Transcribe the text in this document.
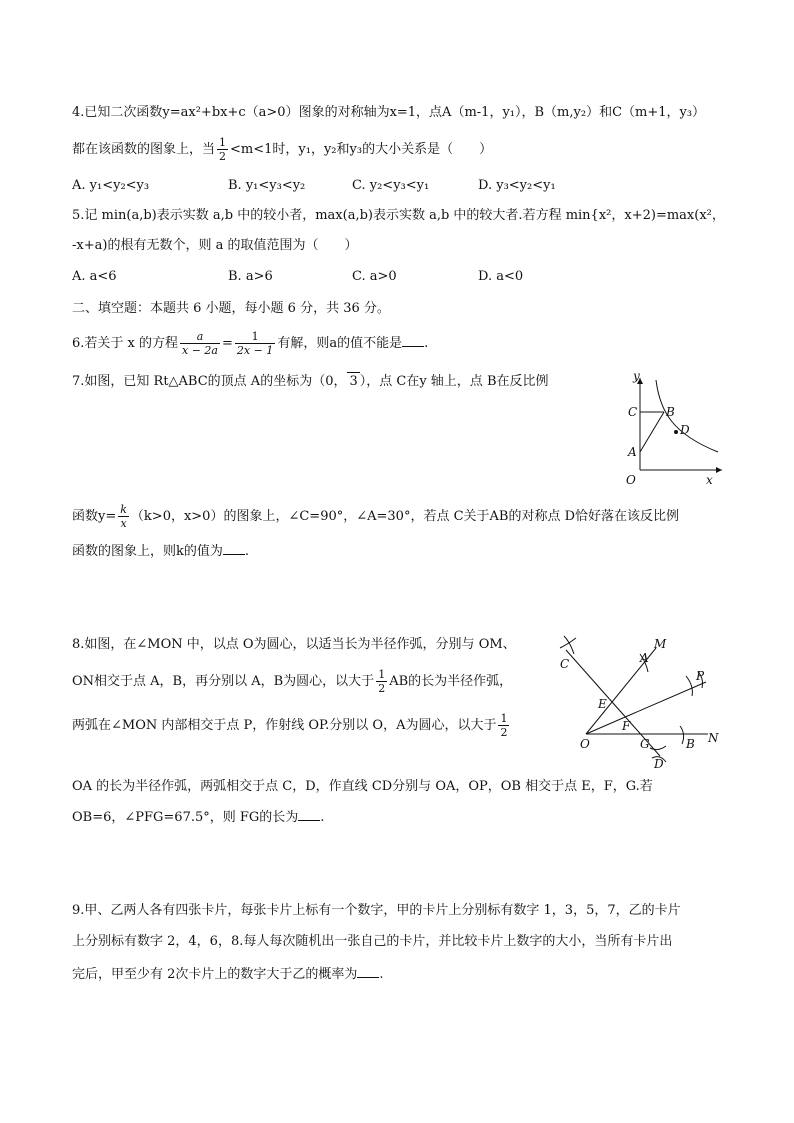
4.已知二次函数y=ax²+bx+c（a>0）图象的对称轴为x=1，点A（m-1，y₁），B（m,y₂）和C（m+1，y₃）
都在该函数的图象上，当 $\frac{1}{2} <m<1$时，y₁，y₂和y₃的大小关系是（　　）
A. y₁<y₂<y₃	B. y₁<y₃<y₂	C. y₂<y₃<y₁	D. y₃<y₂<y₁
5.记 min(a,b)表示实数 a,b 中的较小者，max(a,b)表示实数 a,b 中的较大者.若方程 min{x²，x+2)=max(x²，
-x+a)的根有无数个，则 a 的取值范围为（　　）
A. a<6	B. a>6	C. a>0	D. a<0
二、填空题：本题共 6 小题，每小题 6 分，共 36 分。
6.若关于 x 的方程 $\frac{a}{x - 2a} = \frac{1}{2x - 1}$ 有解，则a的值不能是 .
7.如图，已知 Rt△ABC的顶点 A的坐标为（0， 3 ），点 C在y 轴上，点 B在反比例	y
x
O
A
C B
D
函数$y= \frac{k}{x} (k>0$，x>0）的图象上，∠C=90°，∠A=30°，若点 C关于AB的对称点 D恰好落在该反比例
函数的图象上，则k的值为 .
8.如图，在∠MON 中，以点 O为圆心，以适当长为半径作弧，分别与 OM、
ON相交于点 A，B，再分别以 A，B为圆心，以大于 $\frac{1}{2}$ AB的长为半径作弧，
两弧在∠MON 内部相交于点 P，作射线 OP.分别以 O，A为圆心，以大于 $\frac{1}{2}$
M
A
C
P
E
F
O	G	B N
D
OA 的长为半径作弧，两弧相交于点 C，D，作直线 CD分别与 OA，OP，OB 相交于点 E，F，G.若
OB=6，∠PFG=67.5°，则 FG的长为 .
9.甲、乙两人各有四张卡片，每张卡片上标有一个数字，甲的卡片上分别标有数字 1，3，5，7，乙的卡片
上分别标有数字 2，4，6，8.每人每次随机出一张自己的卡片，并比较卡片上数字的大小，当所有卡片出
完后，甲至少有 2次卡片上的数字大于乙的概率为 .
